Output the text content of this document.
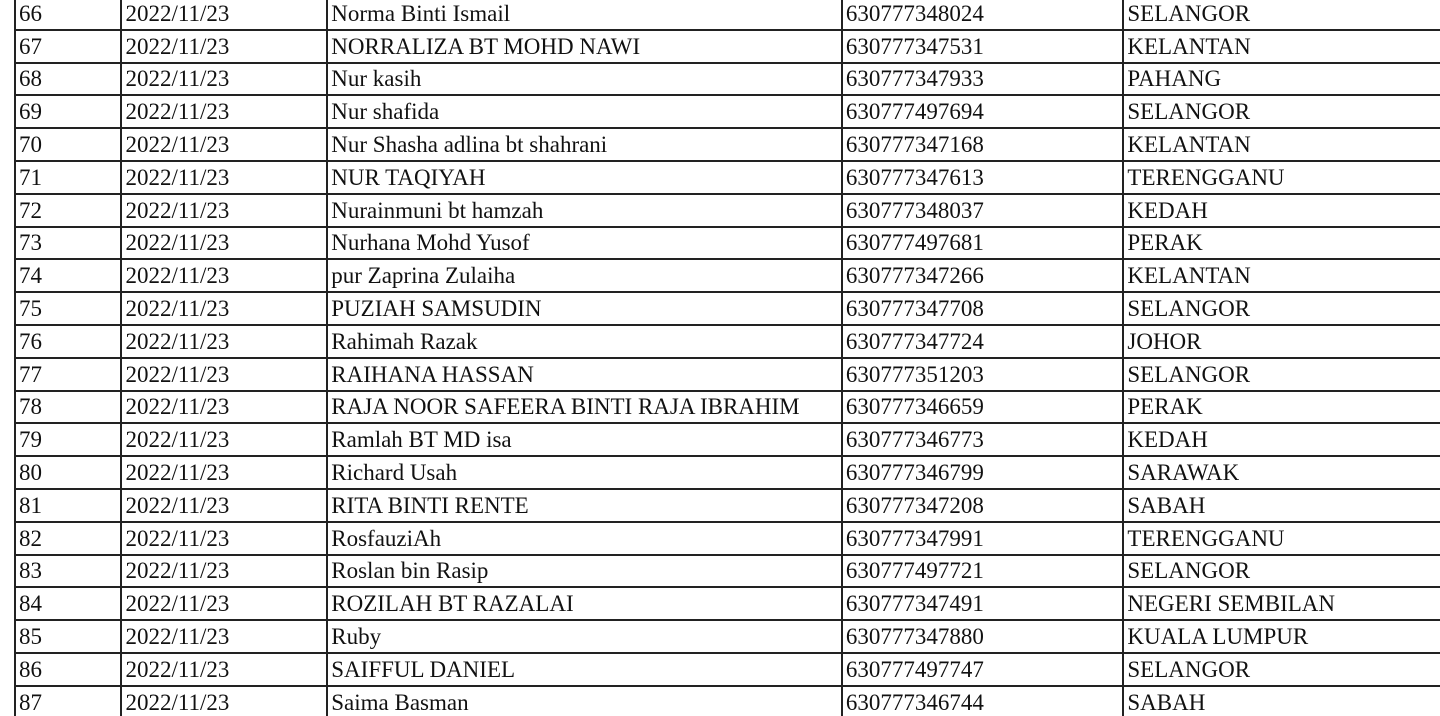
66	2022/11/23	Norma Binti Ismail	630777348024	SELANGOR
67	2022/11/23	NORRALIZA BT MOHD NAWI	630777347531	KELANTAN
68	2022/11/23	Nur kasih	630777347933	PAHANG
69	2022/11/23	Nur shafida	630777497694	SELANGOR
70	2022/11/23	Nur Shasha adlina bt shahrani	630777347168	KELANTAN
71	2022/11/23	NUR TAQIYAH	630777347613	TERENGGANU
72	2022/11/23	Nurainmuni bt hamzah	630777348037	KEDAH
73	2022/11/23	Nurhana Mohd Yusof	630777497681	PERAK
74	2022/11/23	pur Zaprina Zulaiha	630777347266	KELANTAN
75	2022/11/23	PUZIAH SAMSUDIN	630777347708	SELANGOR
76	2022/11/23	Rahimah Razak	630777347724	JOHOR
77	2022/11/23	RAIHANA HASSAN	630777351203	SELANGOR
78	2022/11/23	RAJA NOOR SAFEERA BINTI RAJA IBRAHIM	630777346659	PERAK
79	2022/11/23	Ramlah BT MD isa	630777346773	KEDAH
80	2022/11/23	Richard Usah	630777346799	SARAWAK
81	2022/11/23	RITA BINTI RENTE	630777347208	SABAH
82	2022/11/23	RosfauziAh	630777347991	TERENGGANU
83	2022/11/23	Roslan bin Rasip	630777497721	SELANGOR
84	2022/11/23	ROZILAH BT RAZALAI	630777347491	NEGERI SEMBILAN
85	2022/11/23	Ruby	630777347880	KUALA LUMPUR
86	2022/11/23	SAIFFUL DANIEL	630777497747	SELANGOR
87	2022/11/23	Saima Basman	630777346744	SABAH
